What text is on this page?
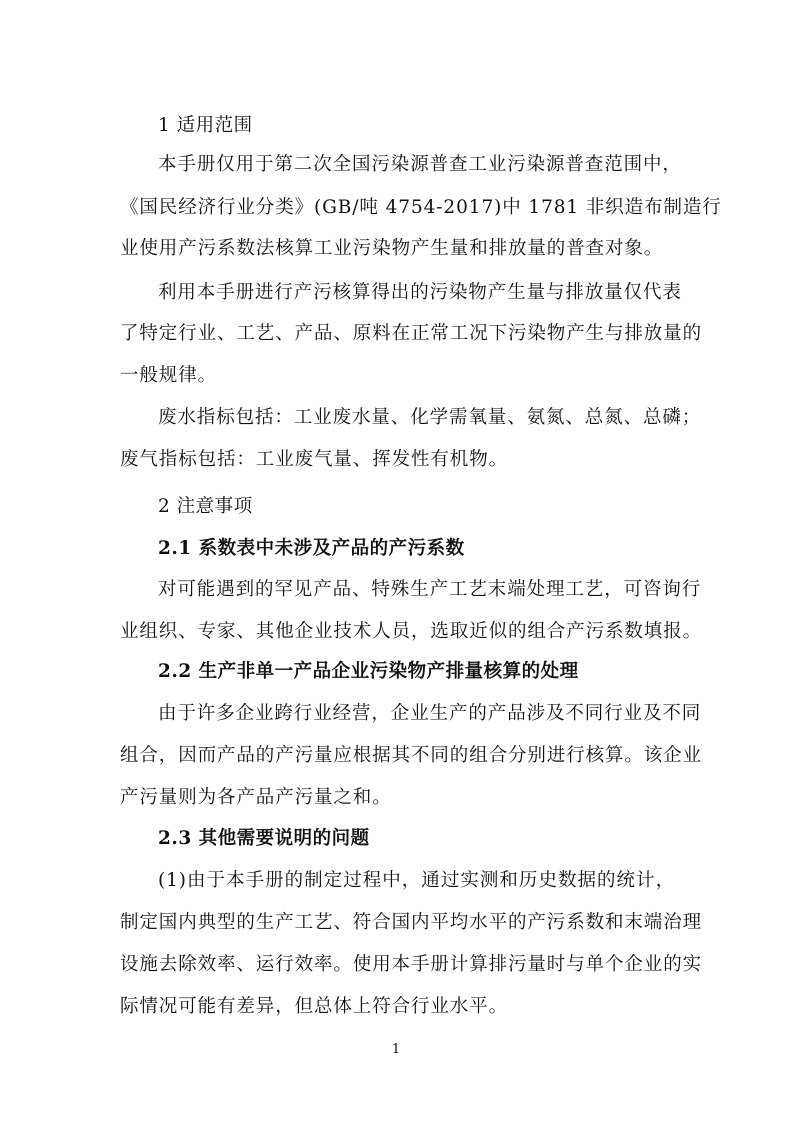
1 适用范围
本手册仅用于第二次全国污染源普查工业污染源普查范围中，
《国民经济行业分类》(GB/吨 4754-2017)中 1781 非织造布制造行
业使用产污系数法核算工业污染物产生量和排放量的普查对象。
利用本手册进行产污核算得出的污染物产生量与排放量仅代表
了特定行业、工艺、产品、原料在正常工况下污染物产生与排放量的
一般规律。
废水指标包括：工业废水量、化学需氧量、氨氮、总氮、总磷；
废气指标包括：工业废气量、挥发性有机物。
2 注意事项
2.1 系数表中未涉及产品的产污系数
对可能遇到的罕见产品、特殊生产工艺末端处理工艺，可咨询行
业组织、专家、其他企业技术人员，选取近似的组合产污系数填报。
2.2 生产非单一产品企业污染物产排量核算的处理
由于许多企业跨行业经营，企业生产的产品涉及不同行业及不同
组合，因而产品的产污量应根据其不同的组合分别进行核算。该企业
产污量则为各产品产污量之和。
2.3 其他需要说明的问题
(1)由于本手册的制定过程中，通过实测和历史数据的统计，
制定国内典型的生产工艺、符合国内平均水平的产污系数和末端治理
设施去除效率、运行效率。使用本手册计算排污量时与单个企业的实
际情况可能有差异，但总体上符合行业水平。
1
